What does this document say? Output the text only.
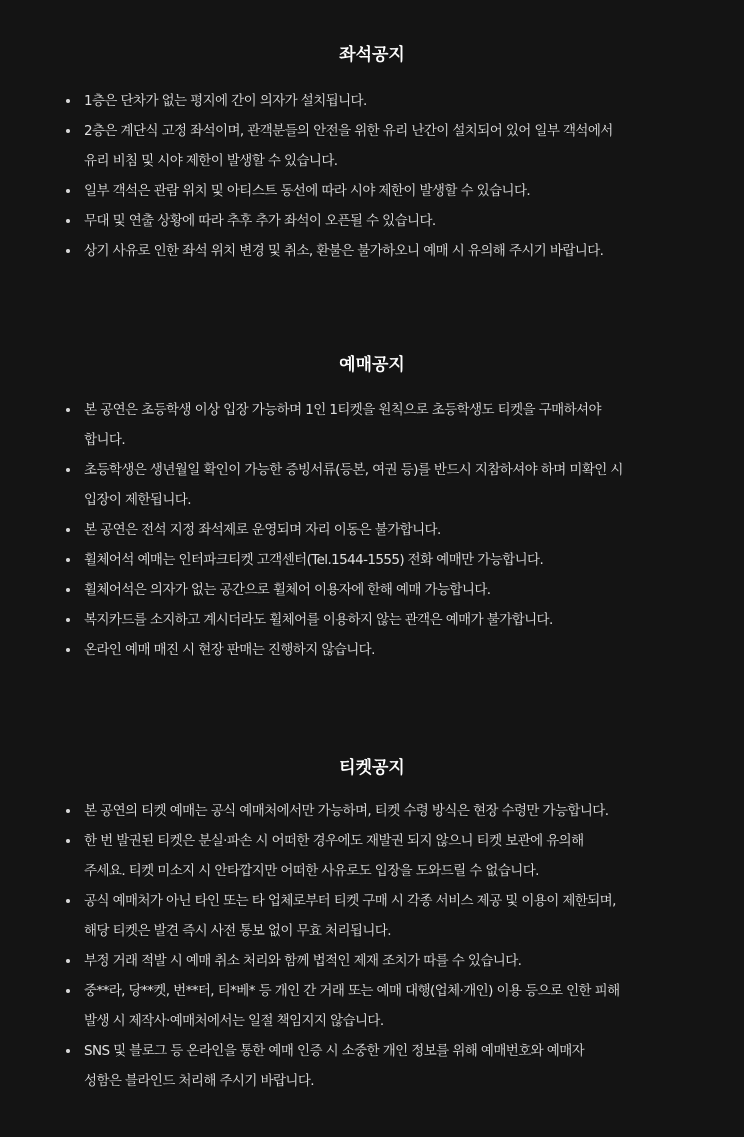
좌석공지
1층은 단차가 없는 평지에 간이 의자가 설치됩니다.
2층은 계단식 고정 좌석이며, 관객분들의 안전을 위한 유리 난간이 설치되어 있어 일부 객석에서
유리 비침 및 시야 제한이 발생할 수 있습니다.
일부 객석은 관람 위치 및 아티스트 동선에 따라 시야 제한이 발생할 수 있습니다.
무대 및 연출 상황에 따라 추후 추가 좌석이 오픈될 수 있습니다.
상기 사유로 인한 좌석 위치 변경 및 취소, 환불은 불가하오니 예매 시 유의해 주시기 바랍니다.
예매공지
본 공연은 초등학생 이상 입장 가능하며 1인 1티켓을 원칙으로 초등학생도 티켓을 구매하셔야
합니다.
초등학생은 생년월일 확인이 가능한 증빙서류(등본, 여권 등)를 반드시 지참하셔야 하며 미확인 시
입장이 제한됩니다.
본 공연은 전석 지정 좌석제로 운영되며 자리 이동은 불가합니다.
휠체어석 예매는 인터파크티켓 고객센터(Tel.1544-1555) 전화 예매만 가능합니다.
휠체어석은 의자가 없는 공간으로 휠체어 이용자에 한해 예매 가능합니다.
복지카드를 소지하고 계시더라도 휠체어를 이용하지 않는 관객은 예매가 불가합니다.
온라인 예매 매진 시 현장 판매는 진행하지 않습니다.
티켓공지
본 공연의 티켓 예매는 공식 예매처에서만 가능하며, 티켓 수령 방식은 현장 수령만 가능합니다.
한 번 발권된 티켓은 분실·파손 시 어떠한 경우에도 재발권 되지 않으니 티켓 보관에 유의해
주세요. 티켓 미소지 시 안타깝지만 어떠한 사유로도 입장을 도와드릴 수 없습니다.
공식 예매처가 아닌 타인 또는 타 업체로부터 티켓 구매 시 각종 서비스 제공 및 이용이 제한되며,
해당 티켓은 발견 즉시 사전 통보 없이 무효 처리됩니다.
부정 거래 적발 시 예매 취소 처리와 함께 법적인 제재 조치가 따를 수 있습니다.
중**라, 당**켓, 번**터, 티*베* 등 개인 간 거래 또는 예매 대행(업체·개인) 이용 등으로 인한 피해
발생 시 제작사·예매처에서는 일절 책임지지 않습니다.
SNS 및 블로그 등 온라인을 통한 예매 인증 시 소중한 개인 정보를 위해 예매번호와 예매자
성함은 블라인드 처리해 주시기 바랍니다.
